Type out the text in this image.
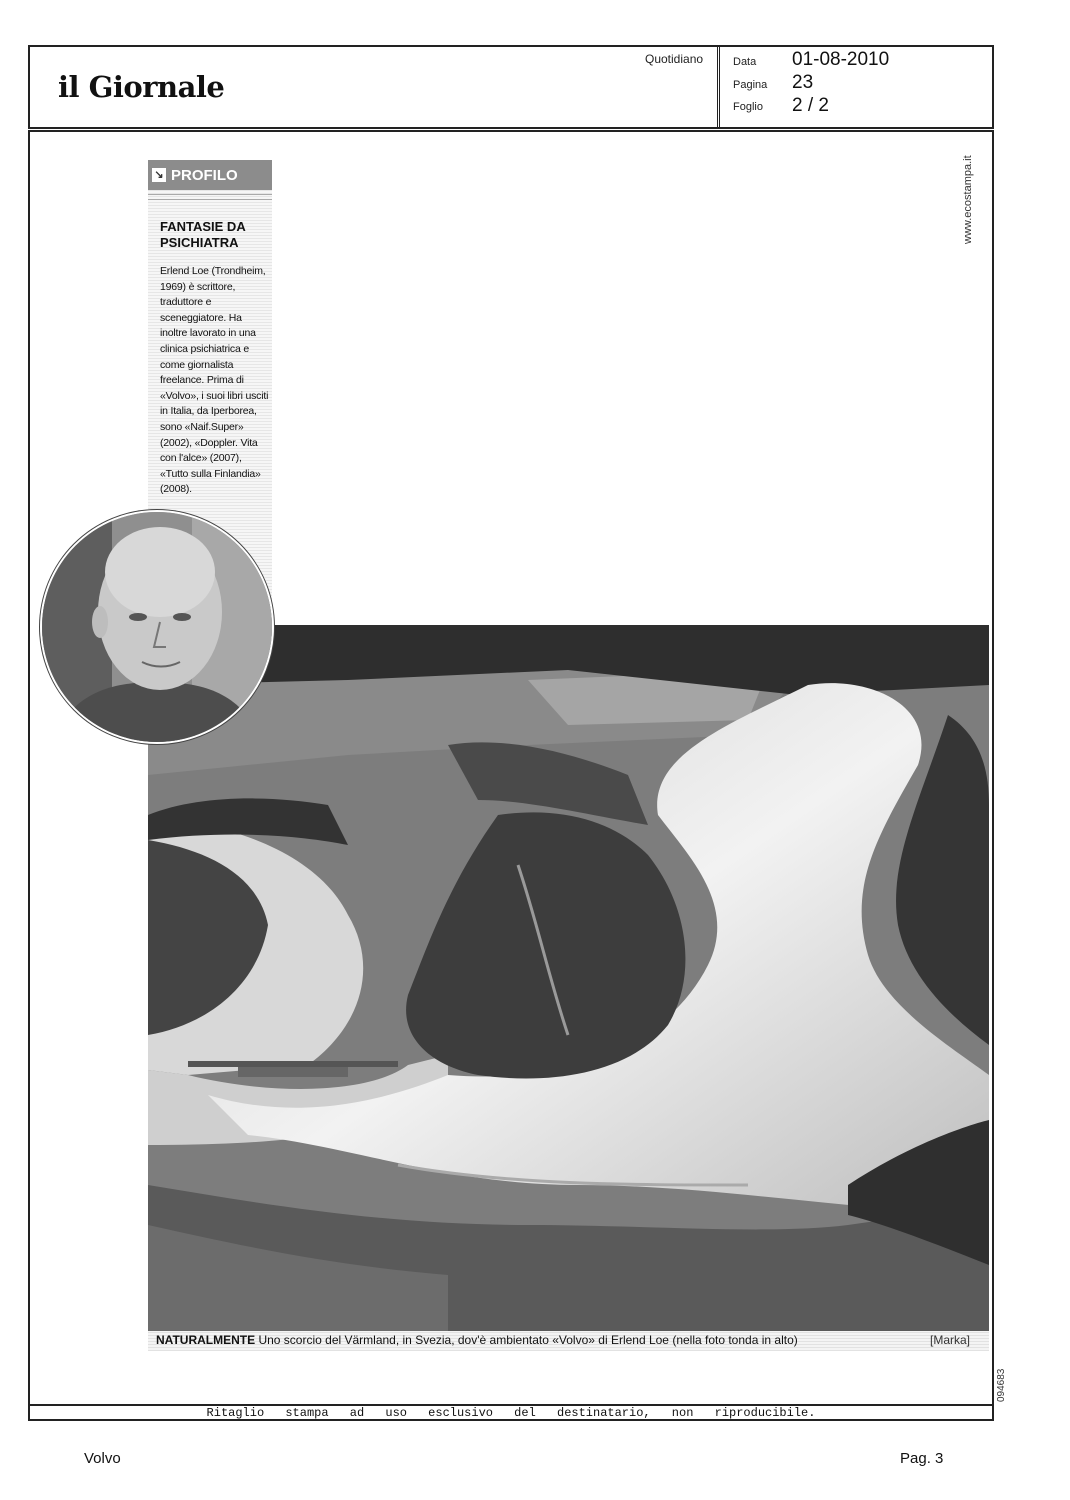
il Giornale
Quotidiano	Data 01-08-2010
Pagina 23
Foglio 2 / 2
www.ecostampa.it
094683
↘ PROFILO
FANTASIE DA PSICHIATRA
Erlend Loe (Trondheim, 1969) è scrittore, traduttore e sceneggiatore. Ha inoltre lavorato in una clinica psichiatrica e come giornalista freelance. Prima di «Volvo», i suoi libri usciti in Italia, da Iperborea, sono «Naif.Super» (2002), «Doppler. Vita con l'alce» (2007), «Tutto sulla Finlandia» (2008).
NATURALMENTE Uno scorcio del Värmland, in Svezia, dov'è ambientato «Volvo» di Erlend Loe (nella foto tonda in alto)	[Marka]
Ritaglio stampa ad uso esclusivo del destinatario, non riproducibile.
Volvo	Pag. 3
